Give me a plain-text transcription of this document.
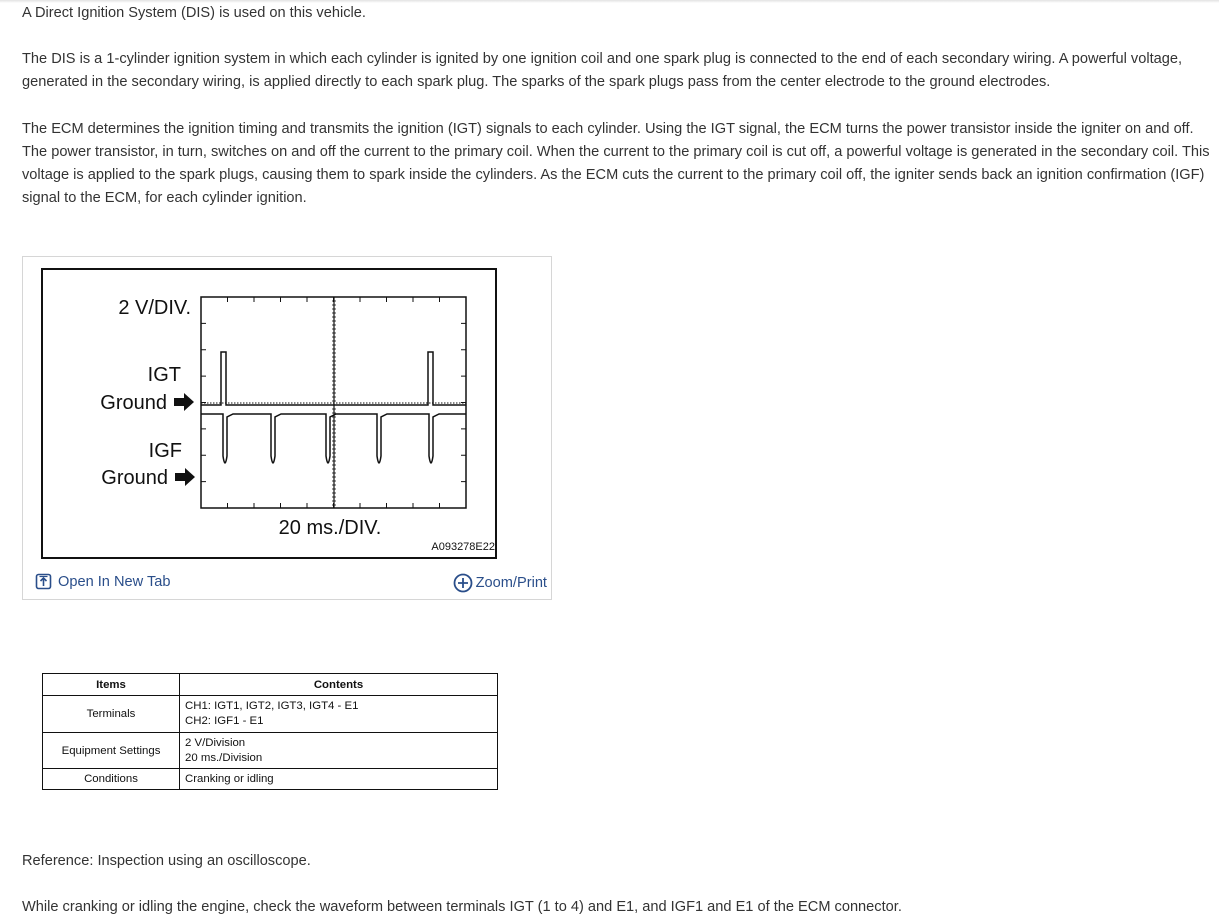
A Direct Ignition System (DIS) is used on this vehicle.

The DIS is a 1-cylinder ignition system in which each cylinder is ignited by one ignition coil and one spark plug is connected to the end of each secondary wiring. A powerful voltage, generated in the secondary wiring, is applied directly to each spark plug. The sparks of the spark plugs pass from the center electrode to the ground electrodes.

The ECM determines the ignition timing and transmits the ignition (IGT) signals to each cylinder. Using the IGT signal, the ECM turns the power transistor inside the igniter on and off. The power transistor, in turn, switches on and off the current to the primary coil. When the current to the primary coil is cut off, a powerful voltage is generated in the secondary coil. This voltage is applied to the spark plugs, causing them to spark inside the cylinders. As the ECM cuts the current to the primary coil off, the igniter sends back an ignition confirmation (IGF) signal to the ECM, for each cylinder ignition.

2 V/DIV.
IGT
Ground
IGF
Ground
20 ms./DIV.
A093278E22
Open In New Tab	Zoom/Print
Items	Contents
Terminals	CH1: IGT1, IGT2, IGT3, IGT4 - E1
CH2: IGF1 - E1

Equipment Settings	2 V/Division
20 ms./Division

Conditions	Cranking or idling

Reference: Inspection using an oscilloscope.

While cranking or idling the engine, check the waveform between terminals IGT (1 to 4) and E1, and IGF1 and E1 of the ECM connector.
